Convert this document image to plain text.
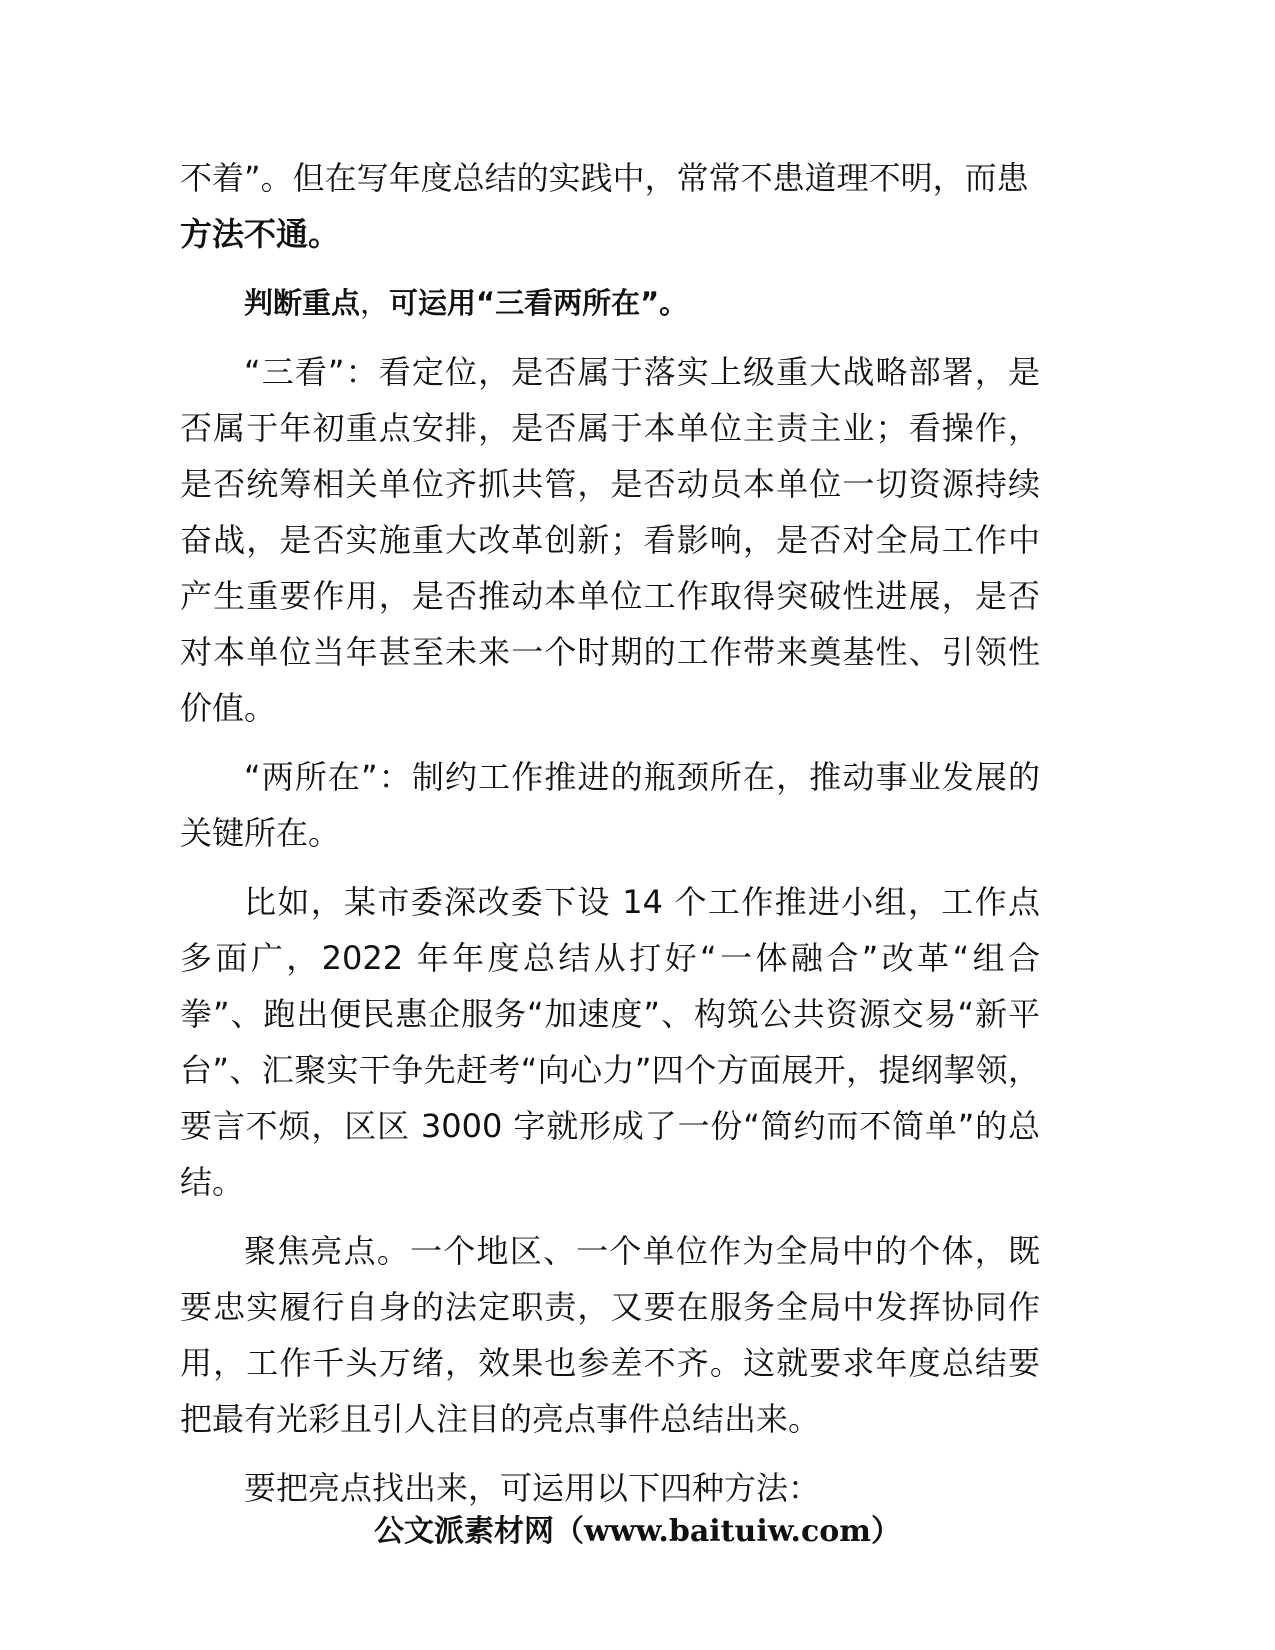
不着”。但在写年度总结的实践中，常常不患道理不明，而患
方法不通。

判断重点，可运用“三看两所在”。

“三看”：看定位，是否属于落实上级重大战略部署，是否属于年初重点安排，是否属于本单位主责主业；看操作，是否统筹相关单位齐抓共管，是否动员本单位一切资源持续奋战，是否实施重大改革创新；看影响，是否对全局工作中产生重要作用，是否推动本单位工作取得突破性进展，是否对本单位当年甚至未来一个时期的工作带来奠基性、引领性价值。

“两所在”：制约工作推进的瓶颈所在，推动事业发展的关键所在。

比如，某市委深改委下设 14 个工作推进小组，工作点多面广，2022 年年度总结从打好“一体融合”改革“组合拳”、跑出便民惠企服务“加速度”、构筑公共资源交易“新平台”、汇聚实干争先赶考“向心力”四个方面展开，提纲挈领，要言不烦，区区 3000 字就形成了一份“简约而不简单”的总结。

聚焦亮点。一个地区、一个单位作为全局中的个体，既要忠实履行自身的法定职责，又要在服务全局中发挥协同作用，工作千头万绪，效果也参差不齐。这就要求年度总结要把最有光彩且引人注目的亮点事件总结出来。

要把亮点找出来，可运用以下四种方法：

公文派素材网（www.baituiw.com）
